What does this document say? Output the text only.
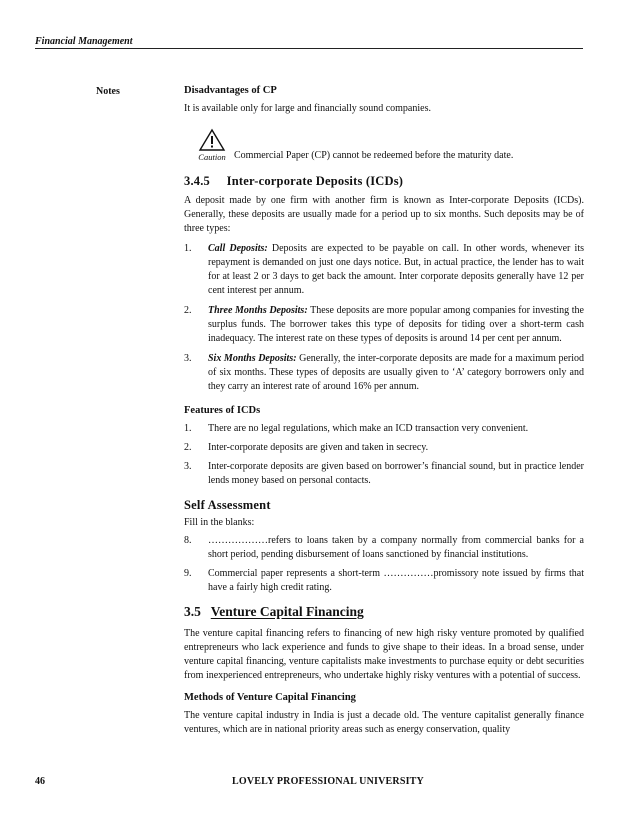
Financial Management
Notes	Disadvantages of CP

It is available only for large and financially sound companies.

Caution Commercial Paper (CP) cannot be redeemed before the maturity date.

3.4.5 Inter-corporate Deposits (ICDs)

A deposit made by one firm with another firm is known as Inter-corporate Deposits (ICDs). Generally, these deposits are usually made for a period up to six months. Such deposits may be of three types:

1.	Call Deposits: Deposits are expected to be payable on call. In other words, whenever its repayment is demanded on just one days notice. But, in actual practice, the lender has to wait for at least 2 or 3 days to get back the amount. Inter corporate deposits generally have 12 per cent interest per annum.
2.	Three Months Deposits: These deposits are more popular among companies for investing the surplus funds. The borrower takes this type of deposits for tiding over a short-term cash inadequacy. The interest rate on these types of deposits is around 14 per cent per annum.
3.	Six Months Deposits: Generally, the inter-corporate deposits are made for a maximum period of six months. These types of deposits are usually given to ‘A’ category borrowers only and they carry an interest rate of around 16% per annum.

Features of ICDs

1.	There are no legal regulations, which make an ICD transaction very convenient.
2.	Inter-corporate deposits are given and taken in secrecy.
3.	Inter-corporate deposits are given based on borrower’s financial sound, but in practice lender lends money based on personal contacts.

Self Assessment

Fill in the blanks:

8.	………………refers to loans taken by a company normally from commercial banks for a short period, pending disbursement of loans sanctioned by financial institutions.
9.	Commercial paper represents a short-term ……………promissory note issued by firms that have a fairly high credit rating.

3.5 Venture Capital Financing

The venture capital financing refers to financing of new high risky venture promoted by qualified entrepreneurs who lack experience and funds to give shape to their ideas. In a broad sense, under venture capital financing, venture capitalists make investments to purchase equity or debt securities from inexperienced entrepreneurs, who undertake highly risky ventures with a potential of success.

Methods of Venture Capital Financing

The venture capital industry in India is just a decade old. The venture capitalist generally finance ventures, which are in national priority areas such as energy conservation, quality

46	LOVELY PROFESSIONAL UNIVERSITY
